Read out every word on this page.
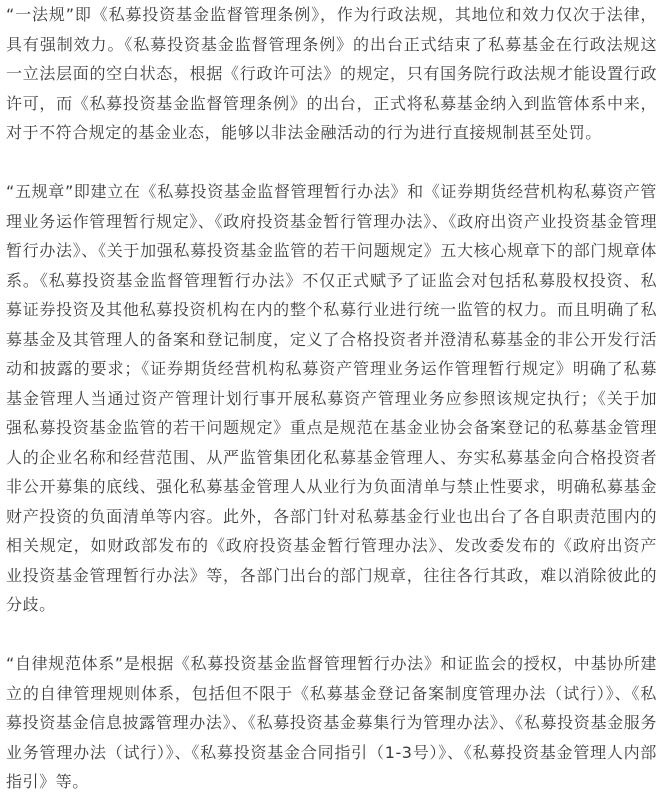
“一法规”即《私募投资基金监督管理条例》，作为行政法规，其地位和效力仅次于法律，具有强制效力。《私募投资基金监督管理条例》的出台正式结束了私募基金在行政法规这一立法层面的空白状态，根据《行政许可法》的规定，只有国务院行政法规才能设置行政许可，而《私募投资基金监督管理条例》的出台，正式将私募基金纳入到监管体系中来，对于不符合规定的基金业态，能够以非法金融活动的行为进行直接规制甚至处罚。

“五规章”即建立在《私募投资基金监督管理暂行办法》和《证券期货经营机构私募资产管理业务运作管理暂行规定》、《政府投资基金暂行管理办法》、《政府出资产业投资基金管理暂行办法》、《关于加强私募投资基金监管的若干问题规定》五大核心规章下的部门规章体系。《私募投资基金监督管理暂行办法》不仅正式赋予了证监会对包括私募股权投资、私募证券投资及其他私募投资机构在内的整个私募行业进行统一监管的权力。而且明确了私募基金及其管理人的备案和登记制度，定义了合格投资者并澄清私募基金的非公开发行活动和披露的要求；《证券期货经营机构私募资产管理业务运作管理暂行规定》明确了私募基金管理人当通过资产管理计划行事开展私募资产管理业务应参照该规定执行；《关于加强私募投资基金监管的若干问题规定》重点是规范在基金业协会备案登记的私募基金管理人的企业名称和经营范围、从严监管集团化私募基金管理人、夯实私募基金向合格投资者非公开募集的底线、强化私募基金管理人从业行为负面清单与禁止性要求，明确私募基金财产投资的负面清单等内容。此外，各部门针对私募基金行业也出台了各自职责范围内的相关规定，如财政部发布的《政府投资基金暂行管理办法》、发改委发布的《政府出资产业投资基金管理暂行办法》等，各部门出台的部门规章，往往各行其政，难以消除彼此的分歧。

“自律规范体系”是根据《私募投资基金监督管理暂行办法》和证监会的授权，中基协所建立的自律管理规则体系，包括但不限于《私募基金登记备案制度管理办法（试行）》、《私募投资基金信息披露管理办法》、《私募投资基金募集行为管理办法》、《私募投资基金服务业务管理办法（试行）》、《私募投资基金合同指引（1-3号）》、《私募投资基金管理人内部指引》等。
